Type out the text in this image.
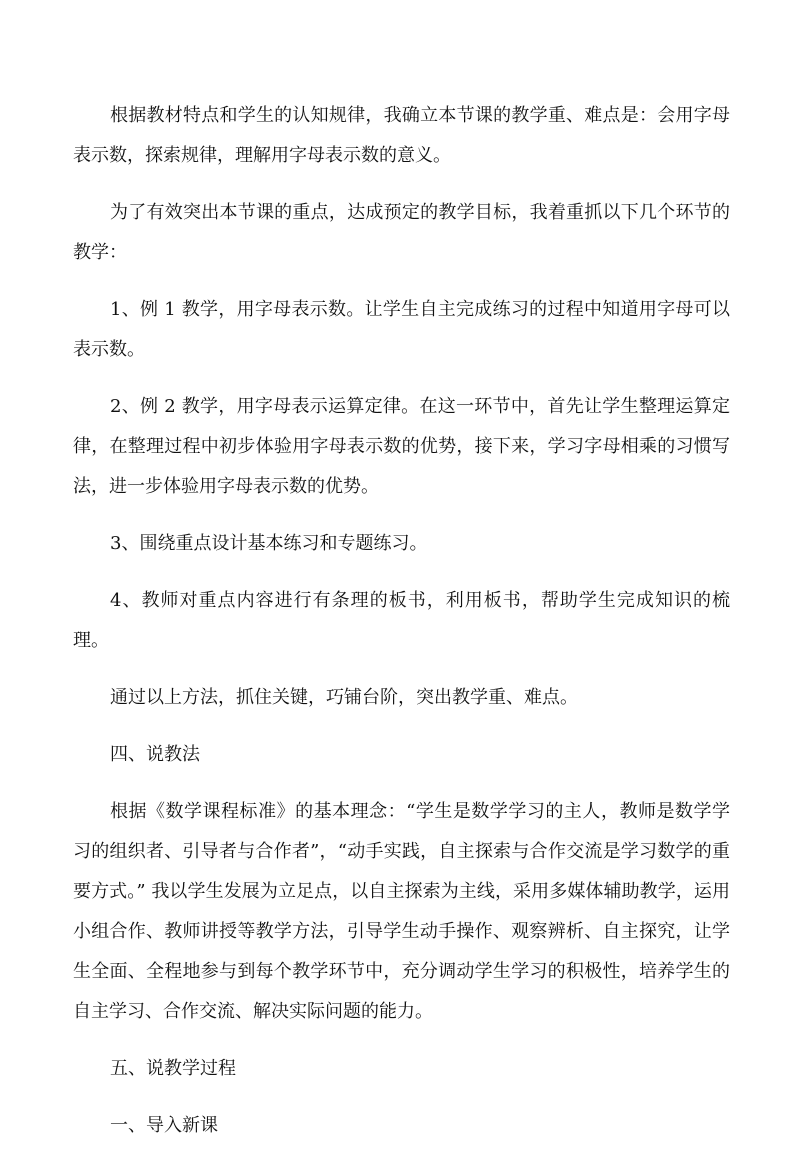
根据教材特点和学生的认知规律，我确立本节课的教学重、难点是：会用字母表示数，探索规律，理解用字母表示数的意义。

为了有效突出本节课的重点，达成预定的教学目标，我着重抓以下几个环节的教学：

1、例 1 教学，用字母表示数。让学生自主完成练习的过程中知道用字母可以表示数。

2、例 2 教学，用字母表示运算定律。在这一环节中，首先让学生整理运算定律，在整理过程中初步体验用字母表示数的优势，接下来，学习字母相乘的习惯写法，进一步体验用字母表示数的优势。

3、围绕重点设计基本练习和专题练习。

4、教师对重点内容进行有条理的板书，利用板书，帮助学生完成知识的梳理。

通过以上方法，抓住关键，巧铺台阶，突出教学重、难点。

四、说教法

根据《数学课程标准》的基本理念：“学生是数学学习的主人，教师是数学学习的组织者、引导者与合作者”，“动手实践，自主探索与合作交流是学习数学的重要方式。” 我以学生发展为立足点，以自主探索为主线，采用多媒体辅助教学，运用小组合作、教师讲授等教学方法，引导学生动手操作、观察辨析、自主探究，让学生全面、全程地参与到每个教学环节中，充分调动学生学习的积极性，培养学生的自主学习、合作交流、解决实际问题的能力。

五、说教学过程

一、导入新课
